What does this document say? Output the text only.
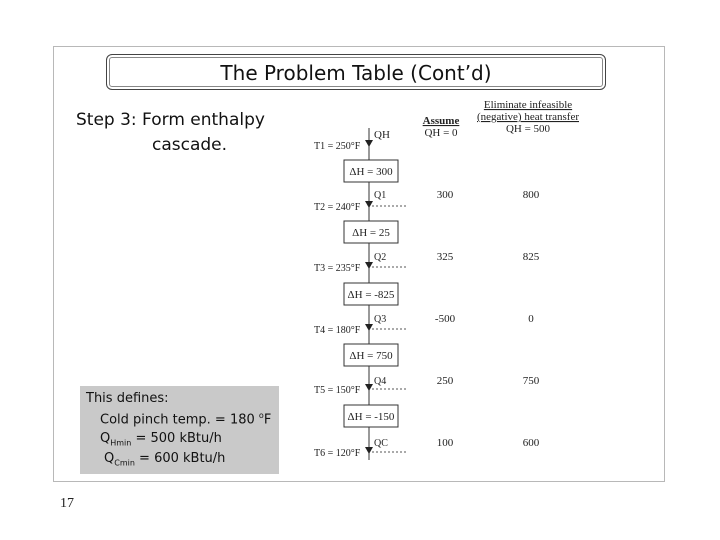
The Problem Table (Cont’d)
Step 3: Form enthalpy
cascade.
This defines:
Cold pinch temp. = 180 $^o$F
$Q_{Hmin} = 500$ kBtu/h
$Q_{Cmin} = 600$ kBtu/h
17
Assume
QH = 0
Eliminate infeasible
(negative) heat transfer
QH = 500
QH
T1 = 250°F
T2 = 240°F
T3 = 235°F
T4 = 180°F
T5 = 150°F
T6 = 120°F
ΔH = 300
ΔH = 25
ΔH = -825
ΔH = 750
ΔH = -150
Q1	300	800
Q2	325	825
Q3	-500	0
Q4	250	750
QC	100	600
